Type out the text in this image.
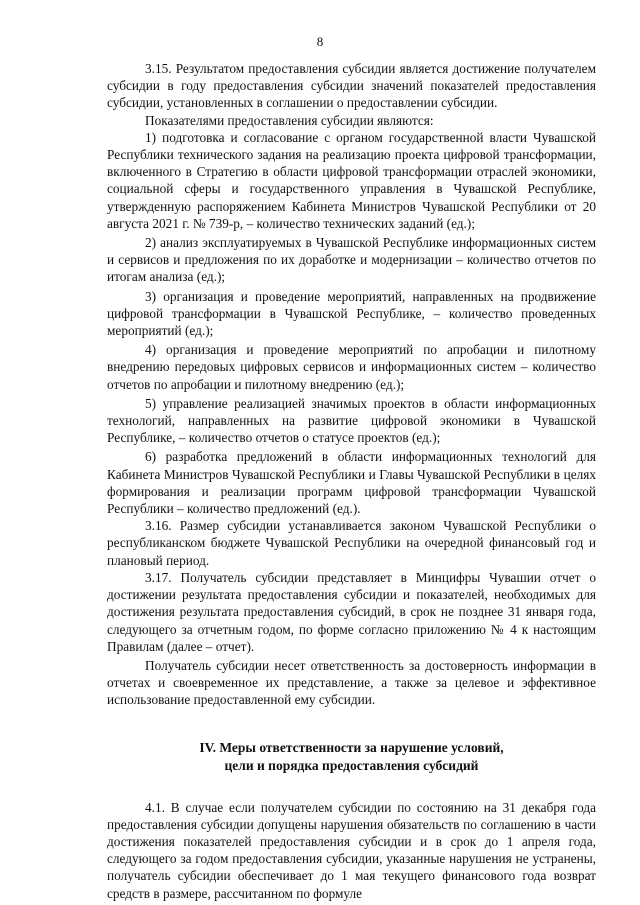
8

3.15. Результатом предоставления субсидии является достижение получателем субсидии в году предоставления субсидии значений показателей предоставления субсидии, установленных в соглашении о предоставлении субсидии.

Показателями предоставления субсидии являются:

1) подготовка и согласование с органом государственной власти Чувашской Республики технического задания на реализацию проекта цифровой трансформации, включенного в Стратегию в области цифровой трансформации отраслей экономики, социальной сферы и государственного управления в Чувашской Республике, утвержденную распоряжением Кабинета Министров Чувашской Республики от 20 августа 2021 г. № 739-р, – количество технических заданий (ед.);

2) анализ эксплуатируемых в Чувашской Республике информационных систем и сервисов и предложения по их доработке и модернизации – количество отчетов по итогам анализа (ед.);

3) организация и проведение мероприятий, направленных на продвижение цифровой трансформации в Чувашской Республике, – количество проведенных мероприятий (ед.);

4) организация и проведение мероприятий по апробации и пилотному внедрению передовых цифровых сервисов и информационных систем – количество отчетов по апробации и пилотному внедрению (ед.);

5) управление реализацией значимых проектов в области информационных технологий, направленных на развитие цифровой экономики в Чувашской Республике, – количество отчетов о статусе проектов (ед.);

6) разработка предложений в области информационных технологий для Кабинета Министров Чувашской Республики и Главы Чувашской Республики в целях формирования и реализации программ цифровой трансформации Чувашской Республики – количество предложений (ед.).

3.16. Размер субсидии устанавливается законом Чувашской Республики о республиканском бюджете Чувашской Республики на очередной финансовый год и плановый период.

3.17. Получатель субсидии представляет в Минцифры Чувашии отчет о достижении результата предоставления субсидии и показателей, необходимых для достижения результата предоставления субсидий, в срок не позднее 31 января года, следующего за отчетным годом, по форме согласно приложению № 4 к настоящим Правилам (далее – отчет).

Получатель субсидии несет ответственность за достоверность информации в отчетах и своевременное их представление, а также за целевое и эффективное использование предоставленной ему субсидии.

IV. Меры ответственности за нарушение условий,
цели и порядка предоставления субсидий

4.1. В случае если получателем субсидии по состоянию на 31 декабря года предоставления субсидии допущены нарушения обязательств по соглашению в части достижения показателей предоставления субсидии и в срок до 1 апреля года, следующего за годом предоставления субсидии, указанные нарушения не устранены, получатель субсидии обеспечивает до 1 мая текущего финансового года возврат средств в размере, рассчитанном по формуле
